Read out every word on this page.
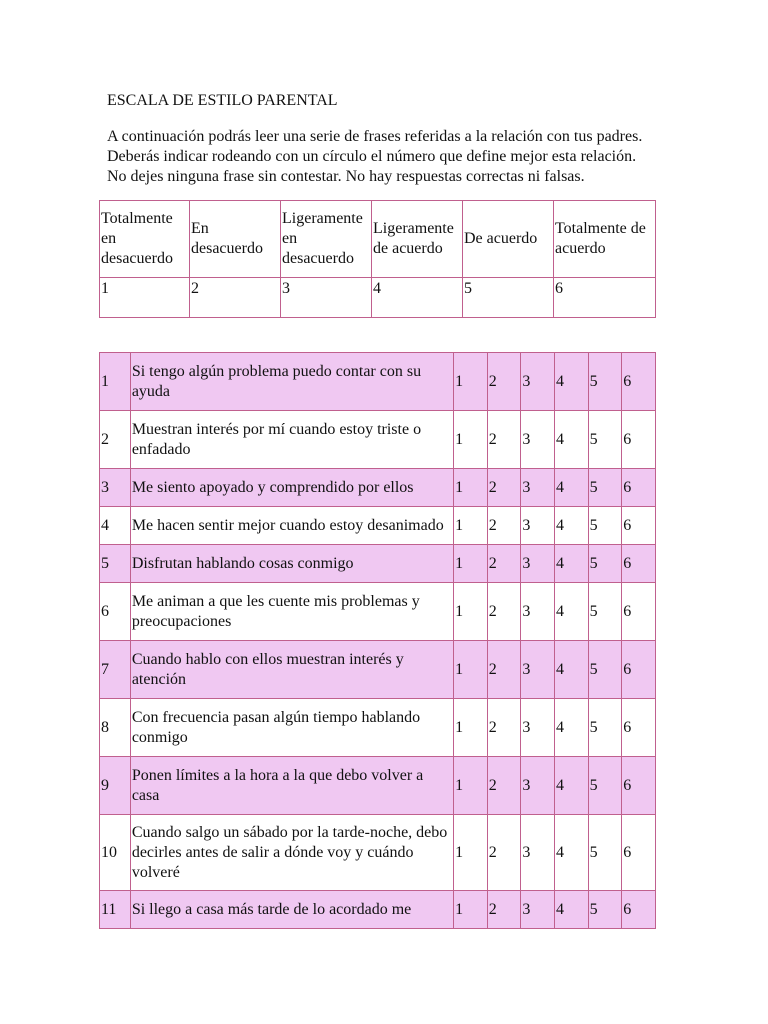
ESCALA DE ESTILO PARENTAL
A continuación podrás leer una serie de frases referidas a la relación con tus padres.
Deberás indicar rodeando con un círculo el número que define mejor esta relación.
No dejes ninguna frase sin contestar. No hay respuestas correctas ni falsas.
Totalmente en desacuerdo	En desacuerdo	Ligeramente en desacuerdo	Ligeramente de acuerdo	De acuerdo	Totalmente de acuerdo
1	2	3	4	5	6
1	Si tengo algún problema puedo contar con su ayuda	1	2	3	4	5	6
2	Muestran interés por mí cuando estoy triste o enfadado	1	2	3	4	5	6
3	Me siento apoyado y comprendido por ellos	1	2	3	4	5	6
4	Me hacen sentir mejor cuando estoy desanimado	1	2	3	4	5	6
5	Disfrutan hablando cosas conmigo	1	2	3	4	5	6
6	Me animan a que les cuente mis problemas y preocupaciones	1	2	3	4	5	6
7	Cuando hablo con ellos muestran interés y atención	1	2	3	4	5	6
8	Con frecuencia pasan algún tiempo hablando conmigo	1	2	3	4	5	6
9	Ponen límites a la hora a la que debo volver a casa	1	2	3	4	5	6
10	Cuando salgo un sábado por la tarde-noche, debo decirles antes de salir a dónde voy y cuándo volveré	1	2	3	4	5	6
11	Si llego a casa más tarde de lo acordado me	1	2	3	4	5	6
